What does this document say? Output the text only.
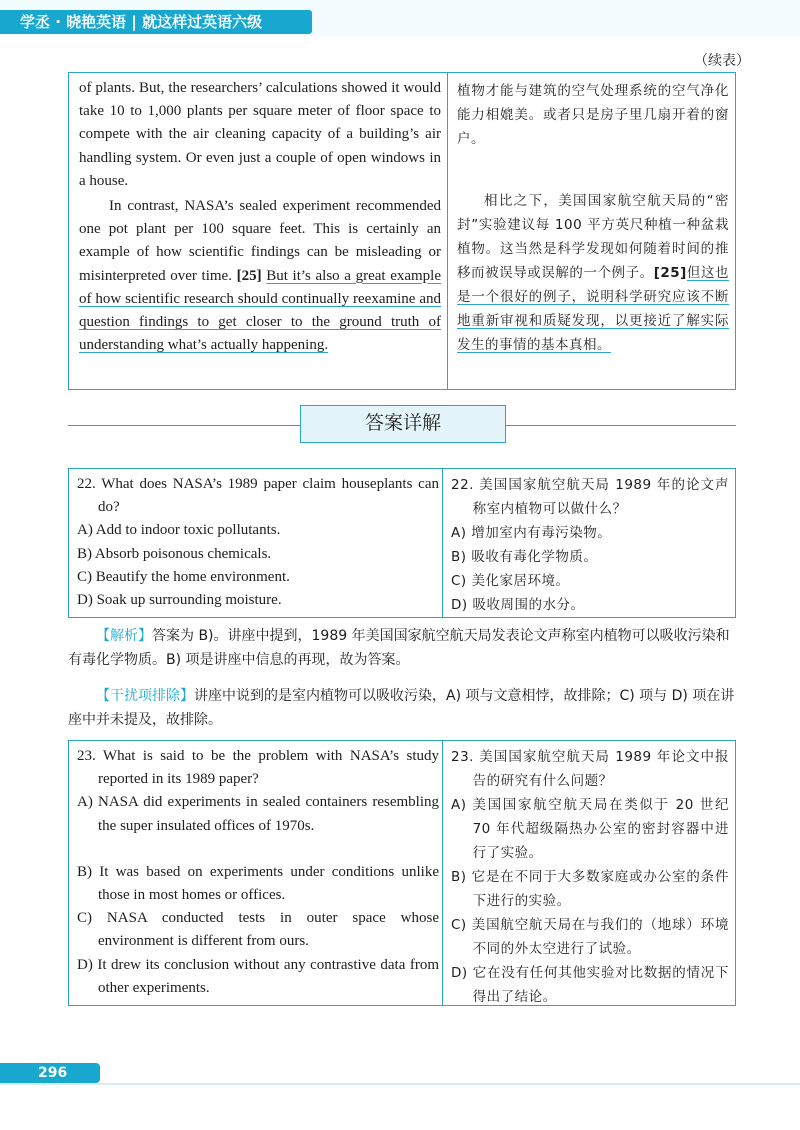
学丞 · 晓艳英语 | 就这样过英语六级
（续表）

of plants. But, the researchers’ calculations showed it would take 10 to 1,000 plants per square meter of floor space to compete with the air cleaning capacity of a building’s air handling system. Or even just a couple of open windows in a house.

In contrast, NASA’s sealed experiment recommended one pot plant per 100 square feet. This is certainly an example of how scientific findings can be misleading or misinterpreted over time. [25] But it’s also a great example of how scientific research should continually reexamine and question findings to get closer to the ground truth of understanding what’s actually happening.

植物才能与建筑的空气处理系统的空气净化能力相媲美。或者只是房子里几扇开着的窗户。

相比之下，美国国家航空航天局的“密封”实验建议每 100 平方英尺种植一种盆栽植物。这当然是科学发现如何随着时间的推移而被误导或误解的一个例子。[25]但这也是一个很好的例子，说明科学研究应该不断地重新审视和质疑发现，以更接近了解实际发生的事情的基本真相。

答案详解

22. What does NASA’s 1989 paper claim houseplants can do?

A) Add to indoor toxic pollutants.

B) Absorb poisonous chemicals.

C) Beautify the home environment.

D) Soak up surrounding moisture.

22. 美国国家航空航天局 1989 年的论文声称室内植物可以做什么？

A) 增加室内有毒污染物。

B) 吸收有毒化学物质。

C) 美化家居环境。

D) 吸收周围的水分。

【解析】答案为 B)。讲座中提到，1989 年美国国家航空航天局发表论文声称室内植物可以吸收污染和有毒化学物质。B) 项是讲座中信息的再现，故为答案。

【干扰项排除】讲座中说到的是室内植物可以吸收污染，A) 项与文意相悖，故排除；C) 项与 D) 项在讲座中并未提及，故排除。

23. What is said to be the problem with NASA’s study reported in its 1989 paper?

A) NASA did experiments in sealed containers resembling the super insulated offices of 1970s.

B) It was based on experiments under conditions unlike those in most homes or offices.

C) NASA conducted tests in outer space whose environment is different from ours.

D) It drew its conclusion without any contrastive data from other experiments.

23. 美国国家航空航天局 1989 年论文中报告的研究有什么问题？

A) 美国国家航空航天局在类似于 20 世纪 70 年代超级隔热办公室的密封容器中进行了实验。

B) 它是在不同于大多数家庭或办公室的条件下进行的实验。

C) 美国航空航天局在与我们的（地球）环境不同的外太空进行了试验。

D) 它在没有任何其他实验对比数据的情况下得出了结论。

296
